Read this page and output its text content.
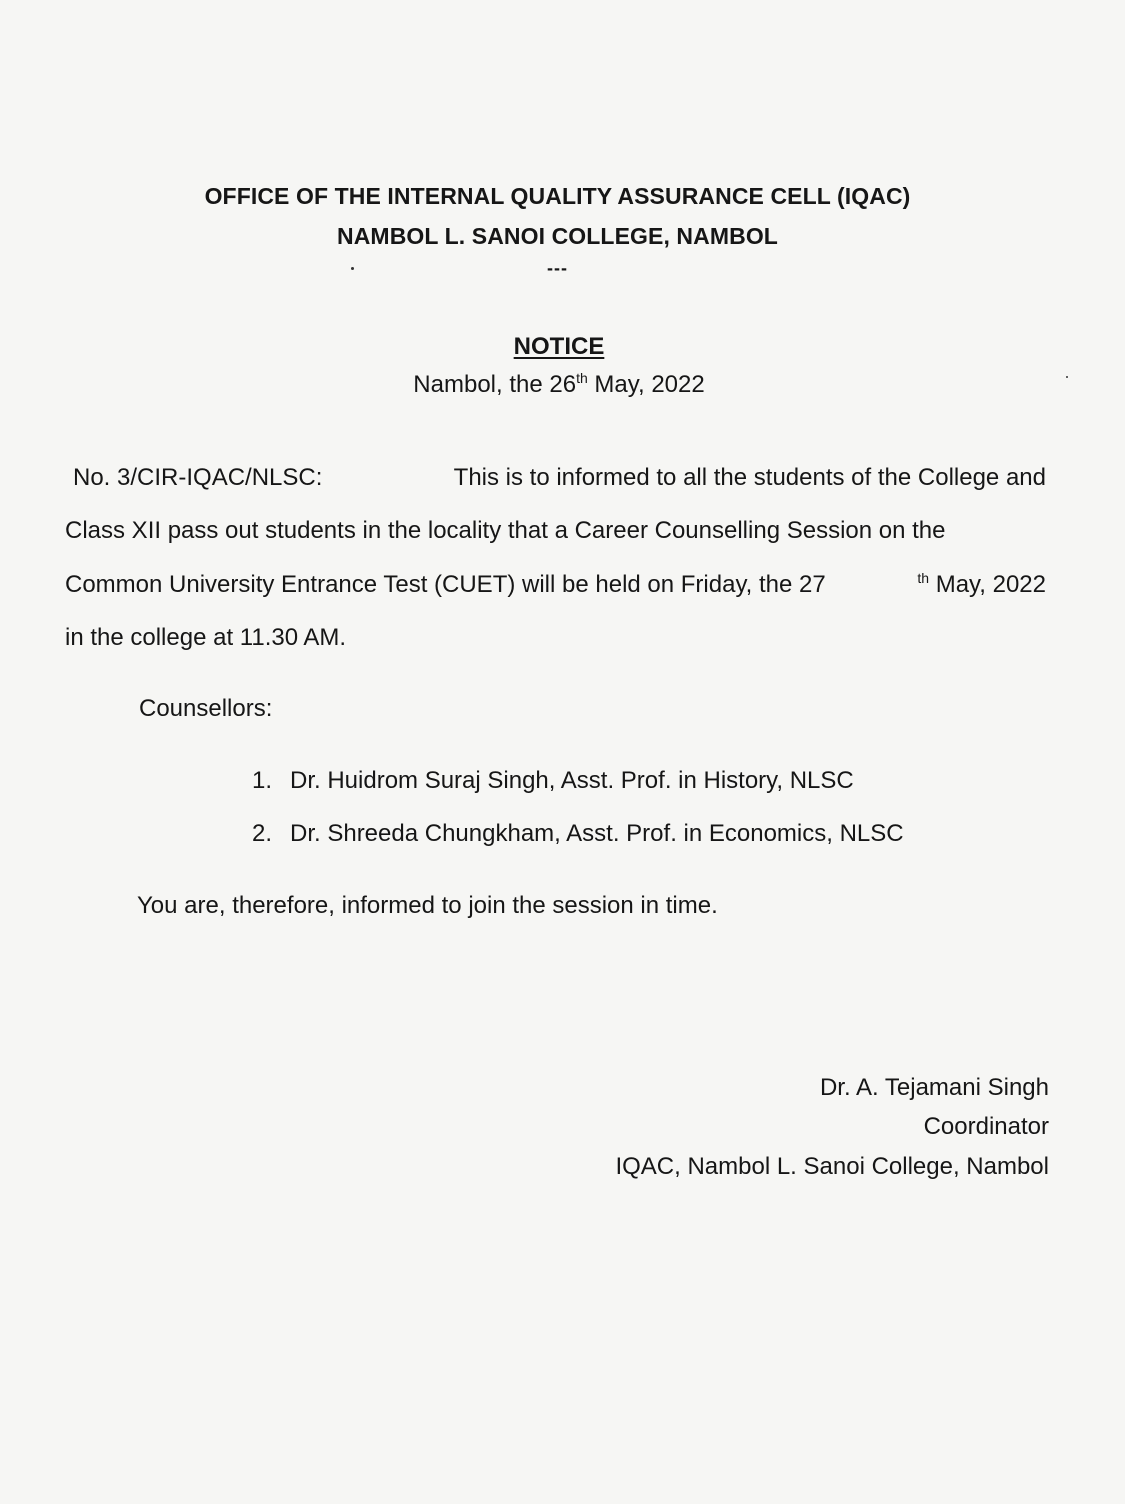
OFFICE OF THE INTERNAL QUALITY ASSURANCE CELL (IQAC)
NAMBOL L. SANOI COLLEGE, NAMBOL
---
NOTICE
Nambol, the 26th May, 2022
No. 3/CIR-IQAC/NLSC:	This is to informed to all the students of the College and
Class XII pass out students in the locality that a Career Counselling Session on the
Common University Entrance Test (CUET) will be held on Friday, the 27	$^{th}$ May, 2022
in the college at 11.30 AM.
Counsellors:
1. Dr. Huidrom Suraj Singh, Asst. Prof. in History, NLSC
2. Dr. Shreeda Chungkham, Asst. Prof. in Economics, NLSC
You are, therefore, informed to join the session in time.
Dr. A. Tejamani Singh
Coordinator
IQAC, Nambol L. Sanoi College, Nambol
